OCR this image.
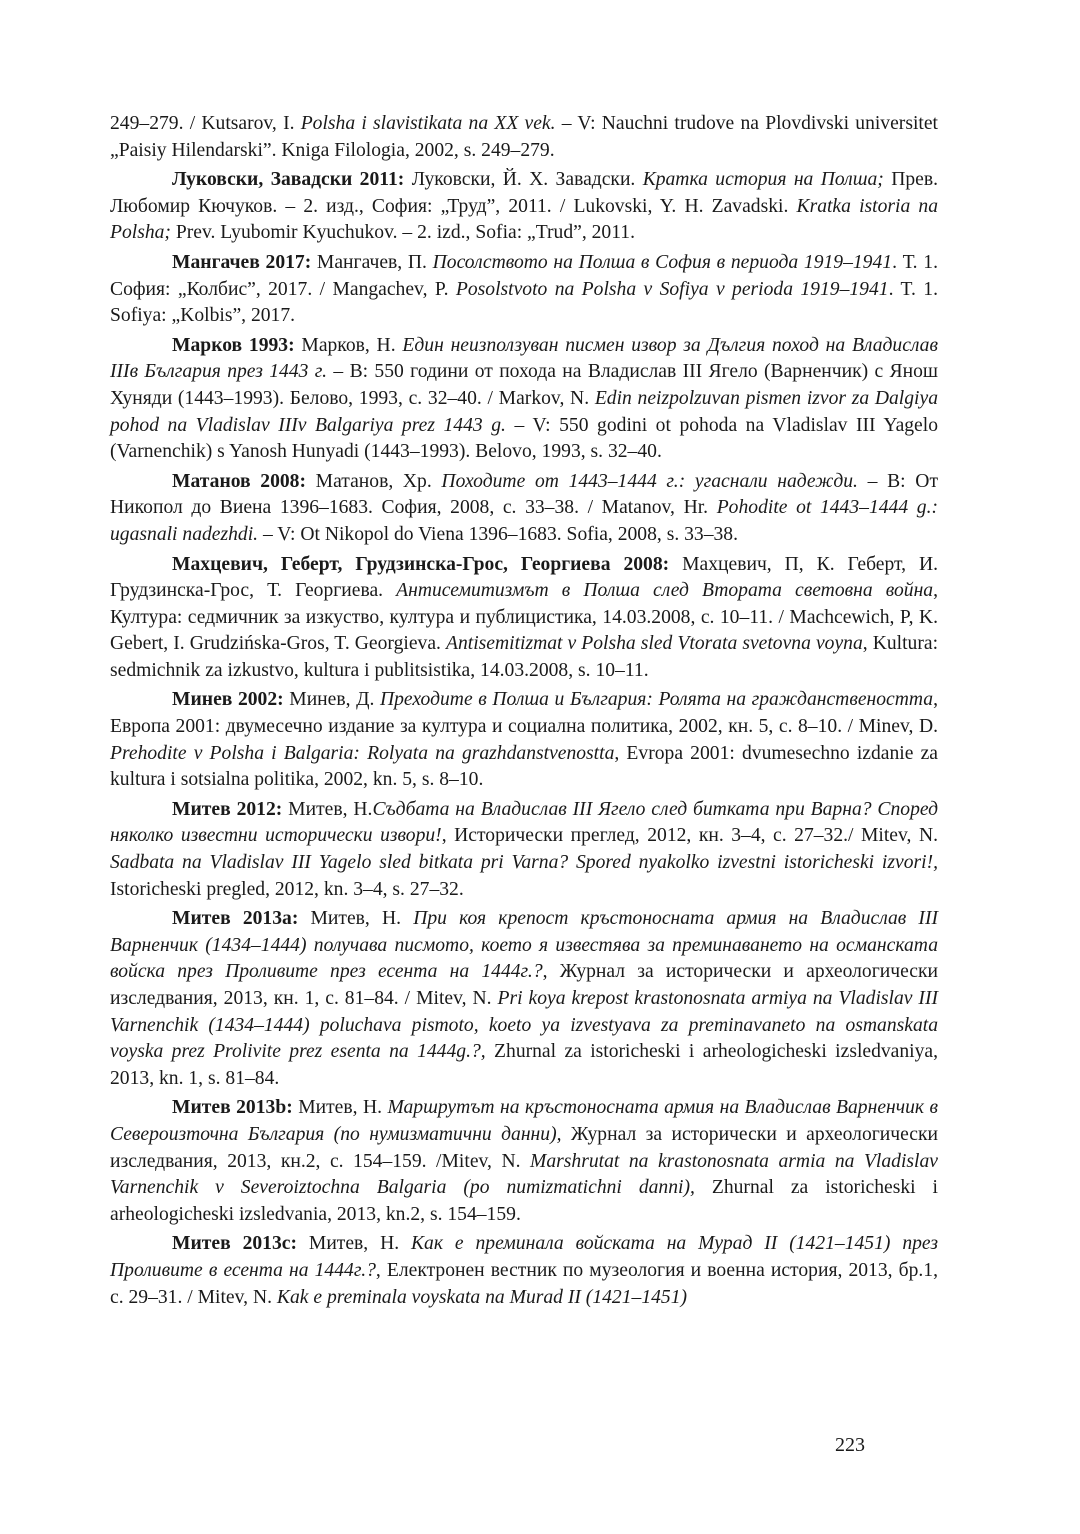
249–279. / Kutsarov, I. Polsha i slavistikata na XX vek. – V: Nauchni trudove na Plovdivski universitet „Paisiy Hilendarski”. Kniga Filologia, 2002, s. 249–279.

Луковски, Завадски 2011: Луковски, Й. Х. Завадски. Кратка история на Полша; Прев. Любомир Кючуков. – 2. изд., София: „Труд”, 2011. / Lukovski, Y. H. Zavadski. Kratka istoria na Polsha; Prev. Lyubomir Kyuchukov. – 2. izd., Sofia: „Trud”, 2011.

Мангачев 2017: Мангачев, П. Посолството на Полша в София в периода 1919–1941. Т. 1. София: „Колбис”, 2017. / Mangachev, P. Posolstvoto na Polsha v Sofiya v perioda 1919–1941. T. 1. Sofiya: „Kolbis”, 2017.

Марков 1993: Марков, Н. Един неизползуван писмен извор за Дългия поход на Владислав IIIв България през 1443 г. – В: 550 години от похода на Владислав III Ягело (Варненчик) с Янош Хуняди (1443–1993). Белово, 1993, с. 32–40. / Markov, N. Edin neizpolzuvan pismen izvor za Dalgiya pohod na Vladislav IIIv Balgariya prez 1443 g. – V: 550 godini ot pohoda na Vladislav III Yagelo (Varnenchik) s Yanosh Hunyadi (1443–1993). Belovo, 1993, s. 32–40.

Матанов 2008: Матанов, Хр. Походите от 1443–1444 г.: угаснали надежди. – В: От Никопол до Виена 1396–1683. София, 2008, с. 33–38. / Matanov, Hr. Pohodite ot 1443–1444 g.: ugasnali nadezhdi. – V: Ot Nikopol do Viena 1396–1683. Sofia, 2008, s. 33–38.

Махцевич, Геберт, Грудзинска-Грос, Георгиева 2008: Махцевич, П, К. Геберт, И. Грудзинска-Грос, Т. Георгиева. Антисемитизмът в Полша след Втората световна война, Култура: седмичник за изкуство, култура и публицистика, 14.03.2008, с. 10–11. / Machcewich, P, K. Gebert, I. Grudzińska-Gros, T. Georgieva. Antisemitizmat v Polsha sled Vtorata svetovna voyna, Kultura: sedmichnik za izkustvo, kultura i publitsistika, 14.03.2008, s. 10–11.

Минев 2002: Минев, Д. Преходите в Полша и България: Ролята на гражданствеността, Европа 2001: двумесечно издание за култура и социална политика, 2002, кн. 5, с. 8–10. / Minev, D. Prehodite v Polsha i Balgaria: Rolyata na grazhdanstvenostta, Evropa 2001: dvumesechno izdanie za kultura i sotsialna politika, 2002, kn. 5, s. 8–10.

Митев 2012: Митев, Н.Съдбата на Владислав III Ягело след битката при Варна? Според няколко известни исторически извори!, Исторически преглед, 2012, кн. 3–4, с. 27–32./ Mitev, N. Sadbata na Vladislav III Yagelo sled bitkata pri Varna? Spored nyakolko izvestni istoricheski izvori!, Istoricheski pregled, 2012, kn. 3–4, s. 27–32.

Митев 2013a: Митев, Н. При коя крепост кръстоносната армия на Владислав III Варненчик (1434–1444) получава писмото, което я известява за преминаването на османската войска през Проливите през есента на 1444г.?, Журнал за исторически и археологически изследвания, 2013, кн. 1, с. 81–84. / Mitev, N. Pri koya krepost krastonosnata armiya na Vladislav III Varnenchik (1434–1444) poluchava pismoto, koeto ya izvestyava za preminavaneto na osmanskata voyska prez Prolivite prez esenta na 1444g.?, Zhurnal za istoricheski i arheologicheski izsledvaniya, 2013, kn. 1, s. 81–84.

Митев 2013b: Митев, Н. Маршрутът на кръстоносната армия на Владислав Варненчик в Североизточна България (по нумизматични данни), Журнал за исторически и археологически изследвания, 2013, кн.2, с. 154–159. /Mitev, N. Marshrutat na krastonosnata armia na Vladislav Varnenchik v Severoiztochna Balgaria (po numizmatichni danni), Zhurnal za istoricheski i arheologicheski izsledvania, 2013, kn.2, s. 154–159.

Митев 2013c: Митев, Н. Как е преминала войската на Мурад II (1421–1451) през Проливите в есента на 1444г.?, Електронен вестник по музеология и военна история, 2013, бр.1, с. 29–31. / Mitev, N. Kak e preminala voyskata na Murad II (1421–1451)

223
